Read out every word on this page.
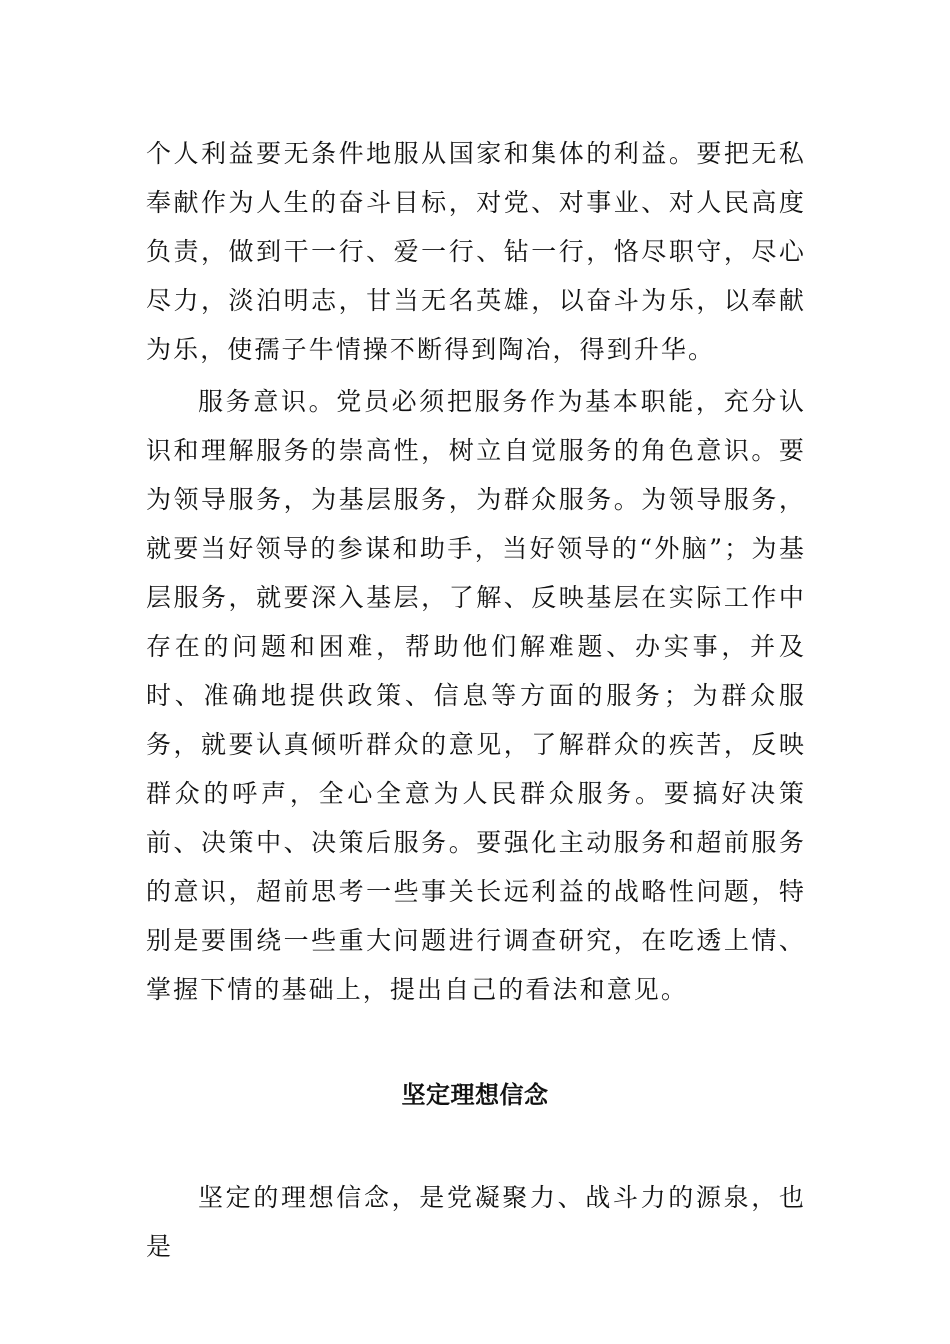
个人利益要无条件地服从国家和集体的利益。要把无私奉献作为人生的奋斗目标，对党、对事业、对人民高度负责，做到干一行、爱一行、钻一行，恪尽职守，尽心尽力，淡泊明志，甘当无名英雄，以奋斗为乐，以奉献为乐，使孺子牛情操不断得到陶冶，得到升华。

服务意识。党员必须把服务作为基本职能，充分认识和理解服务的崇高性，树立自觉服务的角色意识。要为领导服务，为基层服务，为群众服务。为领导服务，就要当好领导的参谋和助手，当好领导的“外脑”；为基层服务，就要深入基层，了解、反映基层在实际工作中存在的问题和困难，帮助他们解难题、办实事，并及时、准确地提供政策、信息等方面的服务；为群众服务，就要认真倾听群众的意见，了解群众的疾苦，反映群众的呼声，全心全意为人民群众服务。要搞好决策前、决策中、决策后服务。要强化主动服务和超前服务的意识，超前思考一些事关长远利益的战略性问题，特别是要围绕一些重大问题进行调查研究，在吃透上情、掌握下情的基础上，提出自己的看法和意见。

坚定理想信念

坚定的理想信念，是党凝聚力、战斗力的源泉，也是
